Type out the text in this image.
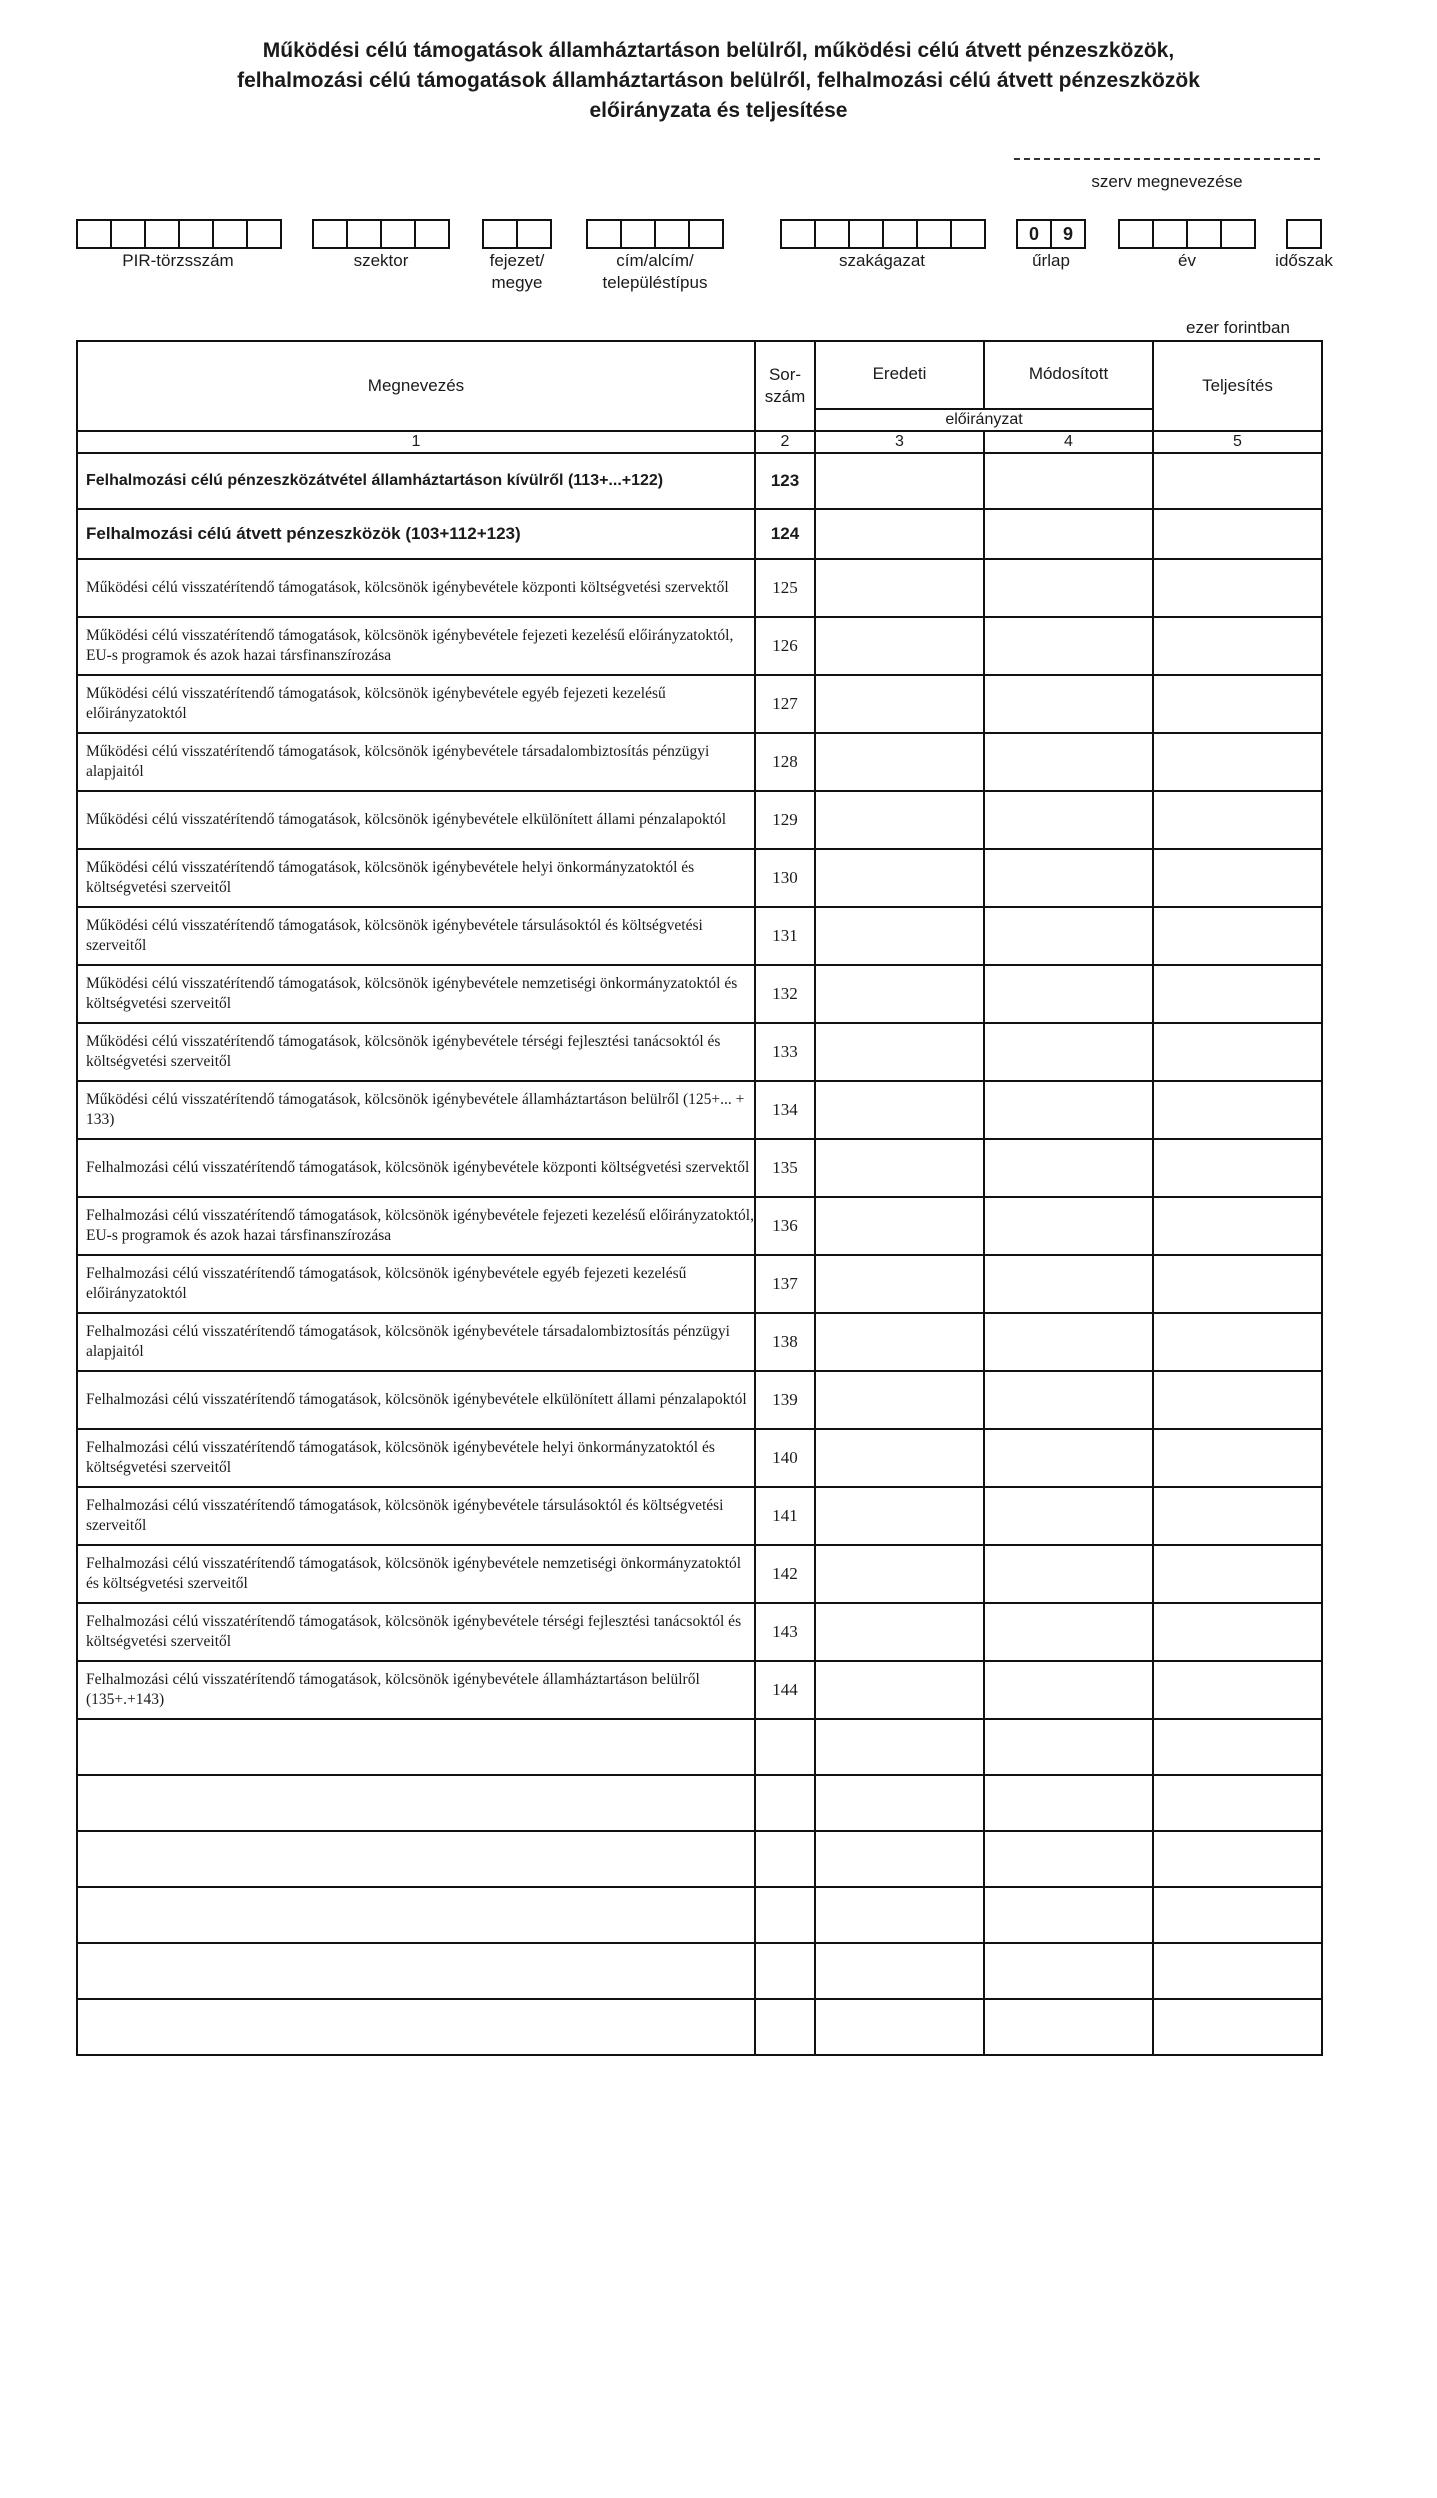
Működési célú támogatások államháztartáson belülről, működési célú átvett pénzeszközök,
felhalmozási célú támogatások államháztartáson belülről, felhalmozási célú átvett pénzeszközök
előirányzata és teljesítése
szerv megnevezése
PIR-törzsszám	szektor	fejezet/
megye
cím/alcím/
településtípus
szakágazat
0	9
űrlap	év	időszak
ezer forintban
Megnevezés	Sor-
szám	Eredeti	Módosított	Teljesítés
		előirányzat		
1	2	3	4	5
Felhalmozási célú pénzeszközátvétel államháztartáson kívülről (113+...+122)	123			
Felhalmozási célú átvett pénzeszközök (103+112+123)	124			
Működési célú visszatérítendő támogatások, kölcsönök igénybevétele központi költségvetési szervektől	125			
Működési célú visszatérítendő támogatások, kölcsönök igénybevétele fejezeti kezelésű előirányzatoktól, EU-s programok és azok hazai társfinanszírozása	126			
Működési célú visszatérítendő támogatások, kölcsönök igénybevétele egyéb fejezeti kezelésű előirányzatoktól	127			
Működési célú visszatérítendő támogatások, kölcsönök igénybevétele társadalombiztosítás pénzügyi alapjaitól	128			
Működési célú visszatérítendő támogatások, kölcsönök igénybevétele elkülönített állami pénzalapoktól	129			
Működési célú visszatérítendő támogatások, kölcsönök igénybevétele helyi önkormányzatoktól és költségvetési szerveitől	130			
Működési célú visszatérítendő támogatások, kölcsönök igénybevétele társulásoktól és költségvetési szerveitől	131			
Működési célú visszatérítendő támogatások, kölcsönök igénybevétele nemzetiségi önkormányzatoktól és költségvetési szerveitől	132			
Működési célú visszatérítendő támogatások, kölcsönök igénybevétele térségi fejlesztési tanácsoktól és költségvetési szerveitől	133			
Működési célú visszatérítendő támogatások, kölcsönök igénybevétele államháztartáson belülről (125+... + 133)	134			
Felhalmozási célú visszatérítendő támogatások, kölcsönök igénybevétele központi költségvetési szervektől	135			
Felhalmozási célú visszatérítendő támogatások, kölcsönök igénybevétele fejezeti kezelésű előirányzatoktól, EU-s programok és azok hazai társfinanszírozása	136			
Felhalmozási célú visszatérítendő támogatások, kölcsönök igénybevétele egyéb fejezeti kezelésű előirányzatoktól	137			
Felhalmozási célú visszatérítendő támogatások, kölcsönök igénybevétele társadalombiztosítás pénzügyi alapjaitól	138			
Felhalmozási célú visszatérítendő támogatások, kölcsönök igénybevétele elkülönített állami pénzalapoktól	139			
Felhalmozási célú visszatérítendő támogatások, kölcsönök igénybevétele helyi önkormányzatoktól és költségvetési szerveitől	140			
Felhalmozási célú visszatérítendő támogatások, kölcsönök igénybevétele társulásoktól és költségvetési szerveitől	141			
Felhalmozási célú visszatérítendő támogatások, kölcsönök igénybevétele nemzetiségi önkormányzatoktól és költségvetési szerveitől	142			
Felhalmozási célú visszatérítendő támogatások, kölcsönök igénybevétele térségi fejlesztési tanácsoktól és költségvetési szerveitől	143			
Felhalmozási célú visszatérítendő támogatások, kölcsönök igénybevétele államháztartáson belülről (135+.+143)	144			
